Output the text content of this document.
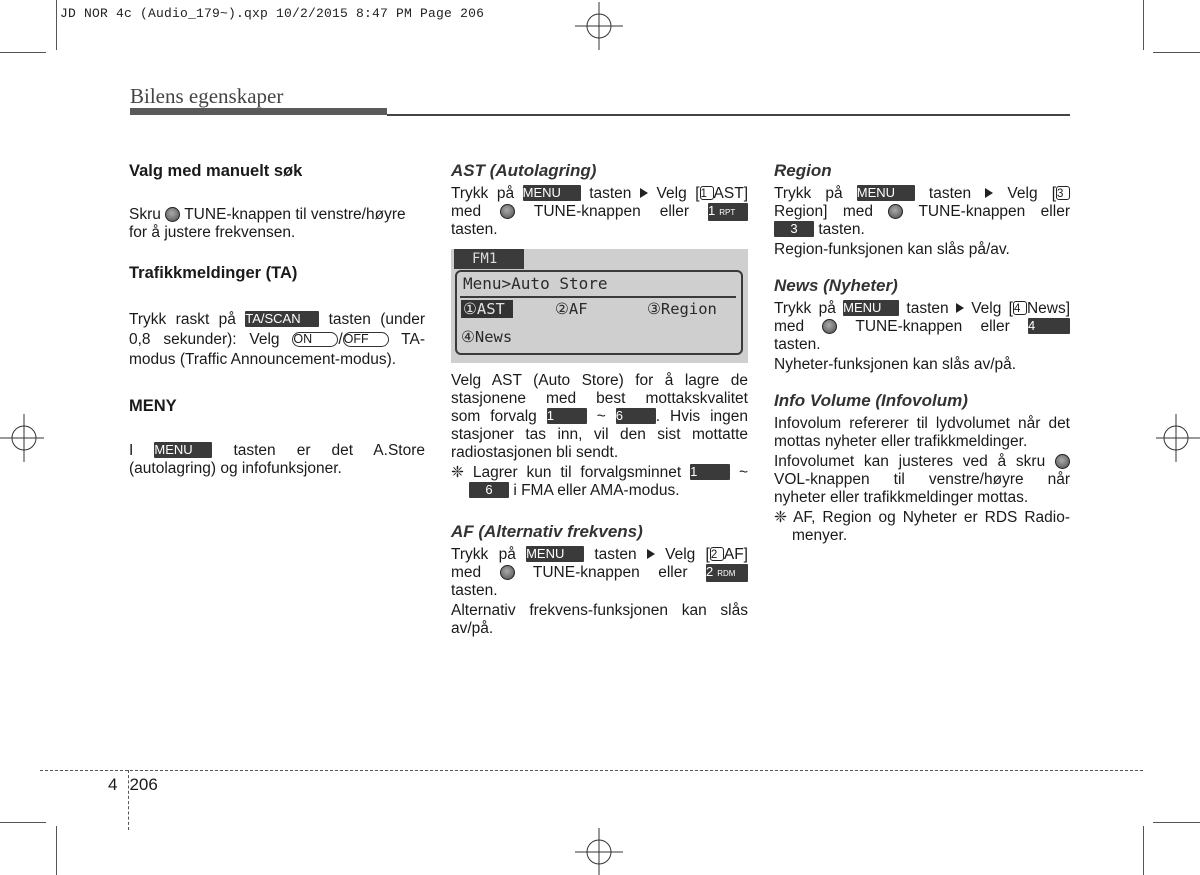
JD NOR 4c (Audio_179~).qxp 10/2/2015 8:47 PM Page 206
Bilens egenskaper

Valg med manuelt søk

Skru TUNE-knappen til venstre/høyre
for å justere frekvensen.

Trafikkmeldinger (TA)

Trykk raskt på TA/SCAN tasten (under

0,8 sekunder): Velg ON /OFF TA-

modus (Traffic Announcement-modus).

MENY

I MENU	tasten er det A.Store

(autolagring) og infofunksjoner.

AST (Autolagring)

Trykk på MENU tasten Velg [1 AST]

med	TUNE-knappen eller 1 RPT

tasten.

Velg AST (Auto Store) for å lagre de

stasjonene med best mottakskvalitet

som forvalg 1	~ 6 . Hvis ingen

stasjoner tas inn, vil den sist mottatte

radiostasjonen bli sendt.

❈ Lagrer kun til forvalgsminnet 1	~

6 i FMA eller AMA-modus.

AF (Alternativ frekvens)

Trykk på MENU tasten Velg [2 AF]

med	TUNE-knappen eller 2 RDM

tasten.

Alternativ frekvens-funksjonen kan slås

av/på.

FM1
Menu>Auto Store
①AST	②AF	③Region
④News

Region

Trykk på MENU tasten Velg [3

Region] med	TUNE-knappen eller

3 tasten.

Region-funksjonen kan slås på/av.

News (Nyheter)

Trykk på MENU tasten Velg [4 News]

med	TUNE-knappen eller 4

tasten.

Nyheter-funksjonen kan slås av/på.

Info Volume (Infovolum)

Infovolum refererer til lydvolumet når det

mottas nyheter eller trafikkmeldinger.

Infovolumet kan justeres ved å skru

VOL-knappen til venstre/høyre når

nyheter eller trafikkmeldinger mottas.

❈ AF, Region og Nyheter er RDS Radio-

menyer.

4 206
